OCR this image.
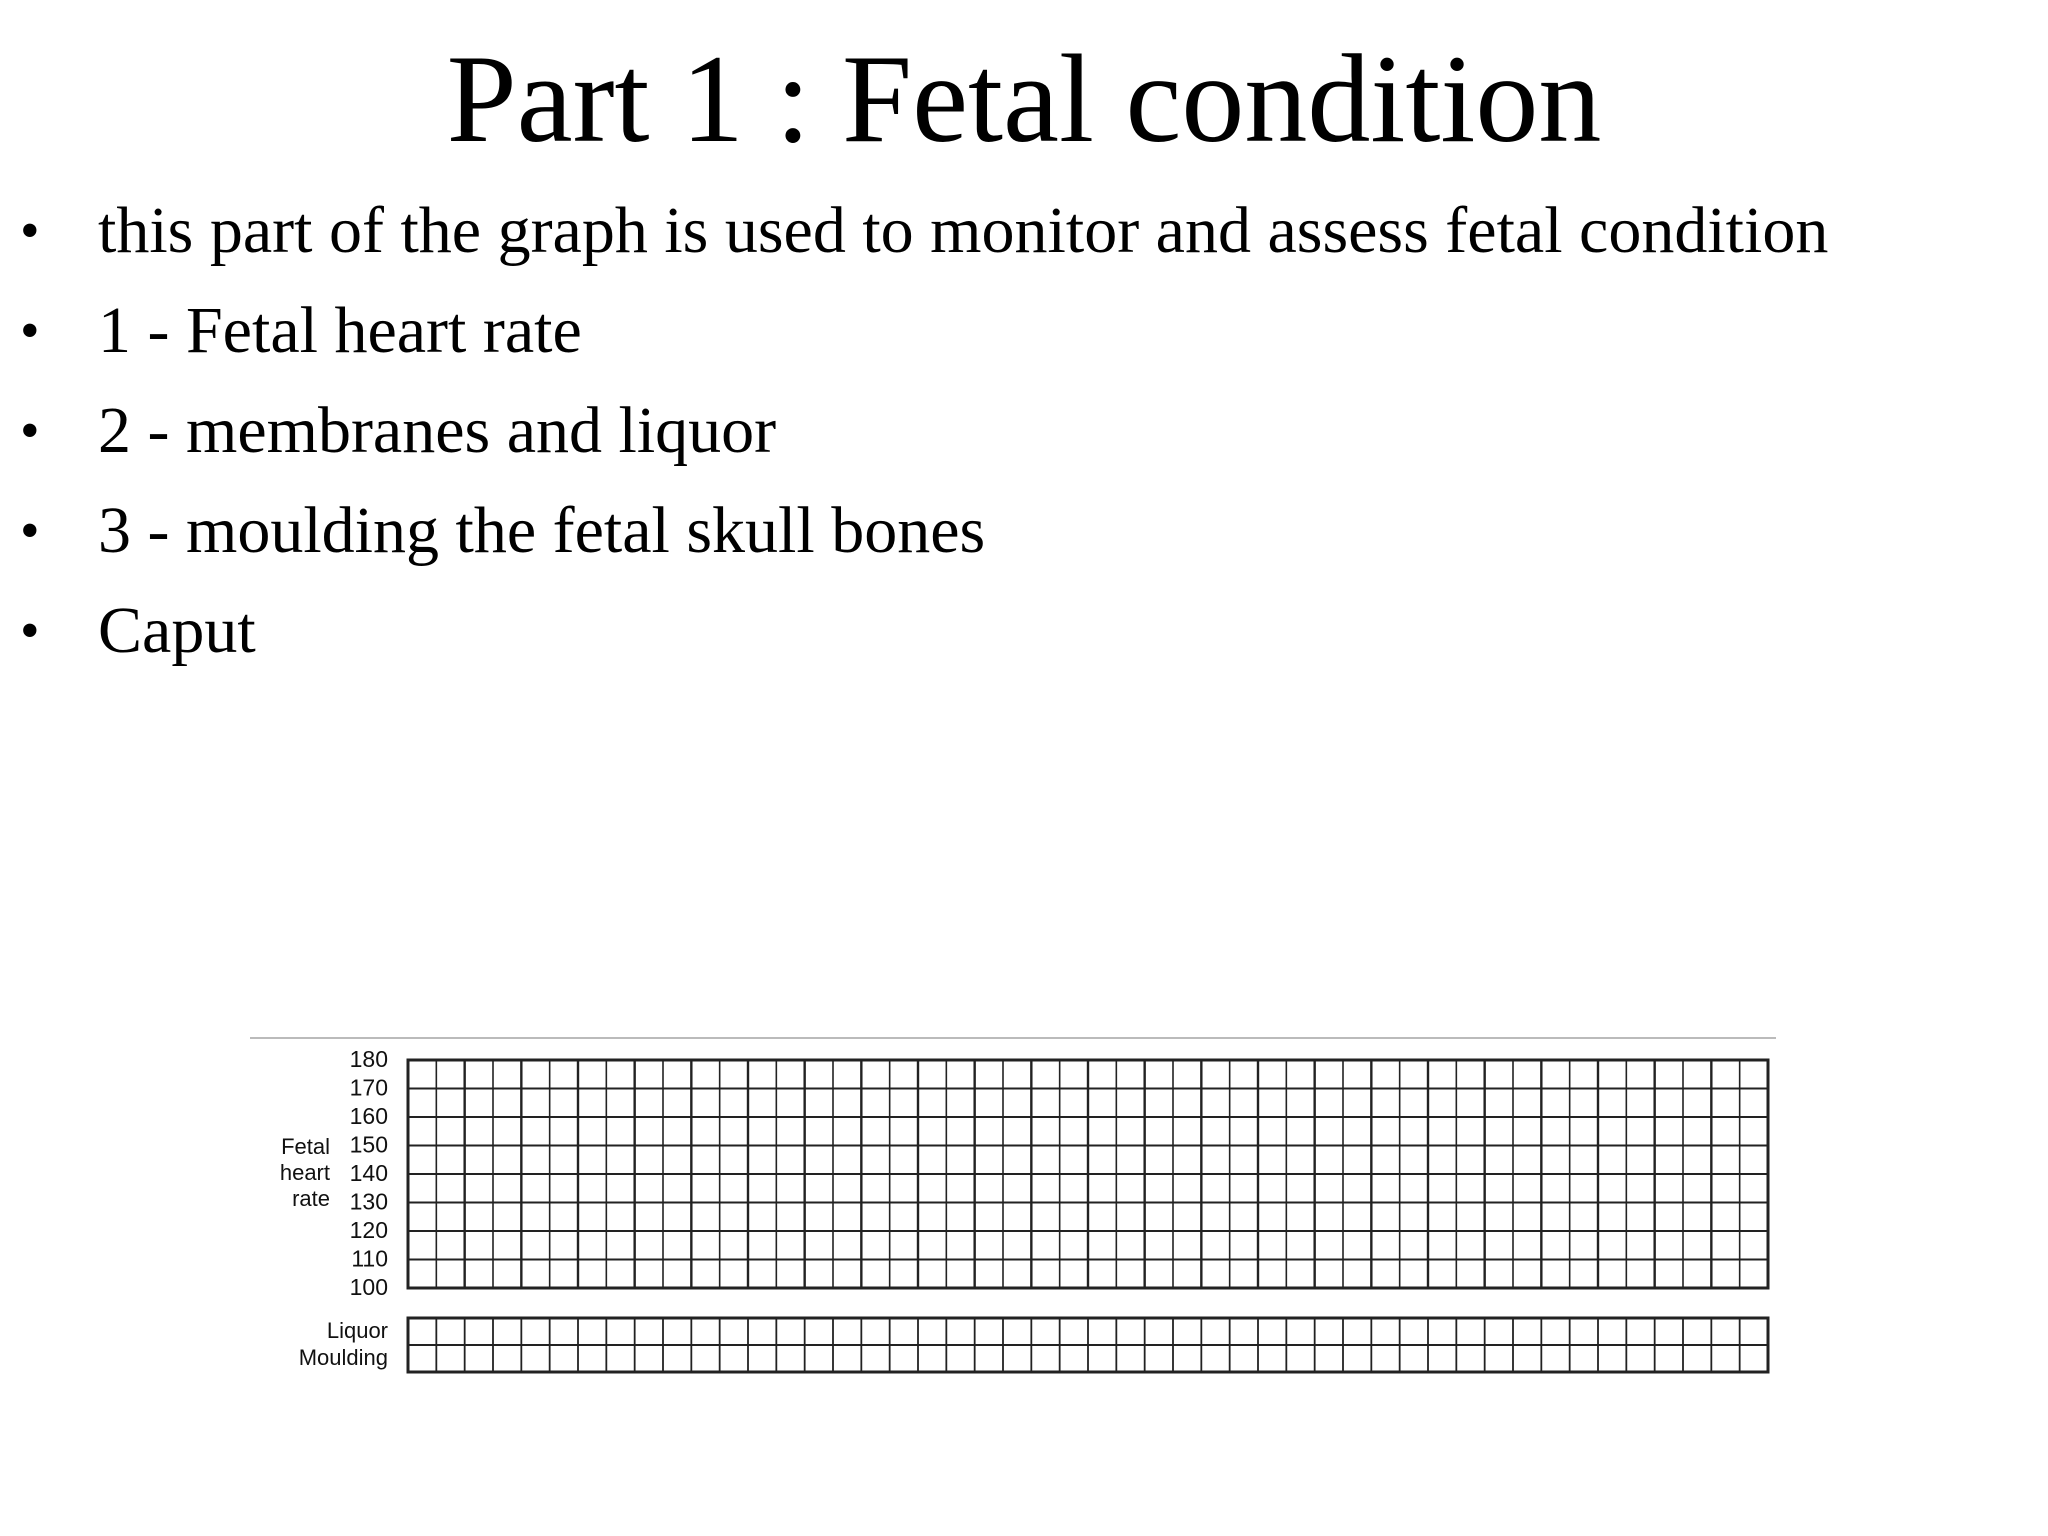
Part 1 : Fetal condition
• this part of the graph is used to monitor and assess fetal condition
• 1 - Fetal heart rate
• 2 - membranes and liquor
• 3 - moulding the fetal skull bones
• Caput
180
170
160
150
140
130
120
110
100
Fetal heart rate
Liquor
Moulding
